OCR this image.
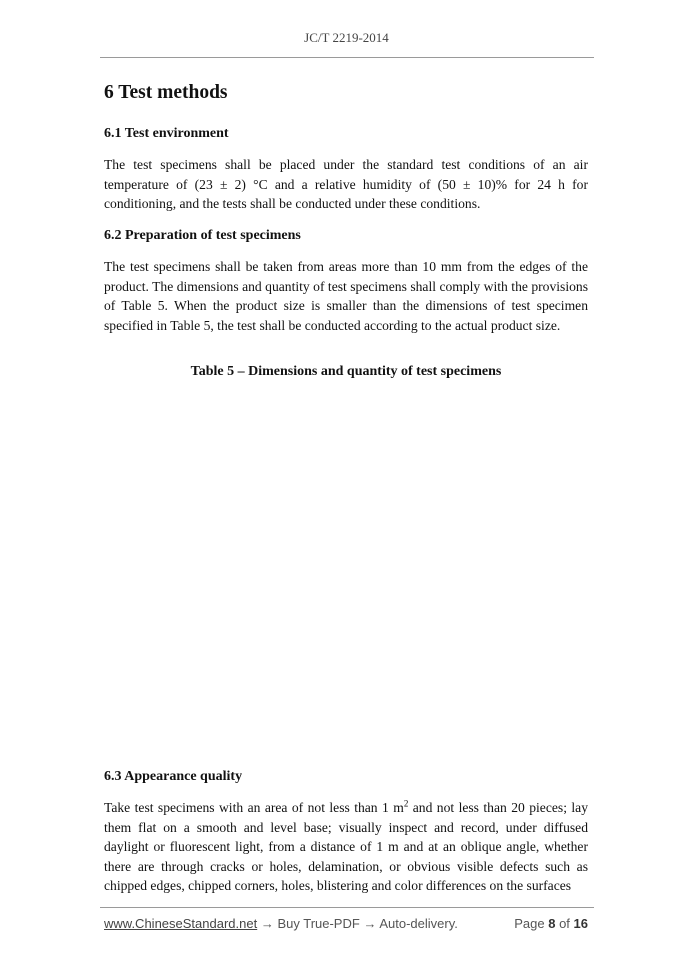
JC/T 2219-2014
6 Test methods
6.1 Test environment

The test specimens shall be placed under the standard test conditions of an air temperature of (23 ± 2) °C and a relative humidity of (50 ± 10)% for 24 h for conditioning, and the tests shall be conducted under these conditions.

6.2 Preparation of test specimens

The test specimens shall be taken from areas more than 10 mm from the edges of the product. The dimensions and quantity of test specimens shall comply with the provisions of Table 5. When the product size is smaller than the dimensions of test specimen specified in Table 5, the test shall be conducted according to the actual product size.

Table 5 – Dimensions and quantity of test specimens
6.3 Appearance quality

Take test specimens with an area of not less than 1 $m^2$ and not less than 20 pieces; lay them flat on a smooth and level base; visually inspect and record, under diffused daylight or fluorescent light, from a distance of 1 m and at an oblique angle, whether there are through cracks or holes, delamination, or obvious visible defects such as chipped edges, chipped corners, holes, blistering and color differences on the surfaces

www.ChineseStandard.net → Buy True-PDF → Auto-delivery.	Page 8 of 16
